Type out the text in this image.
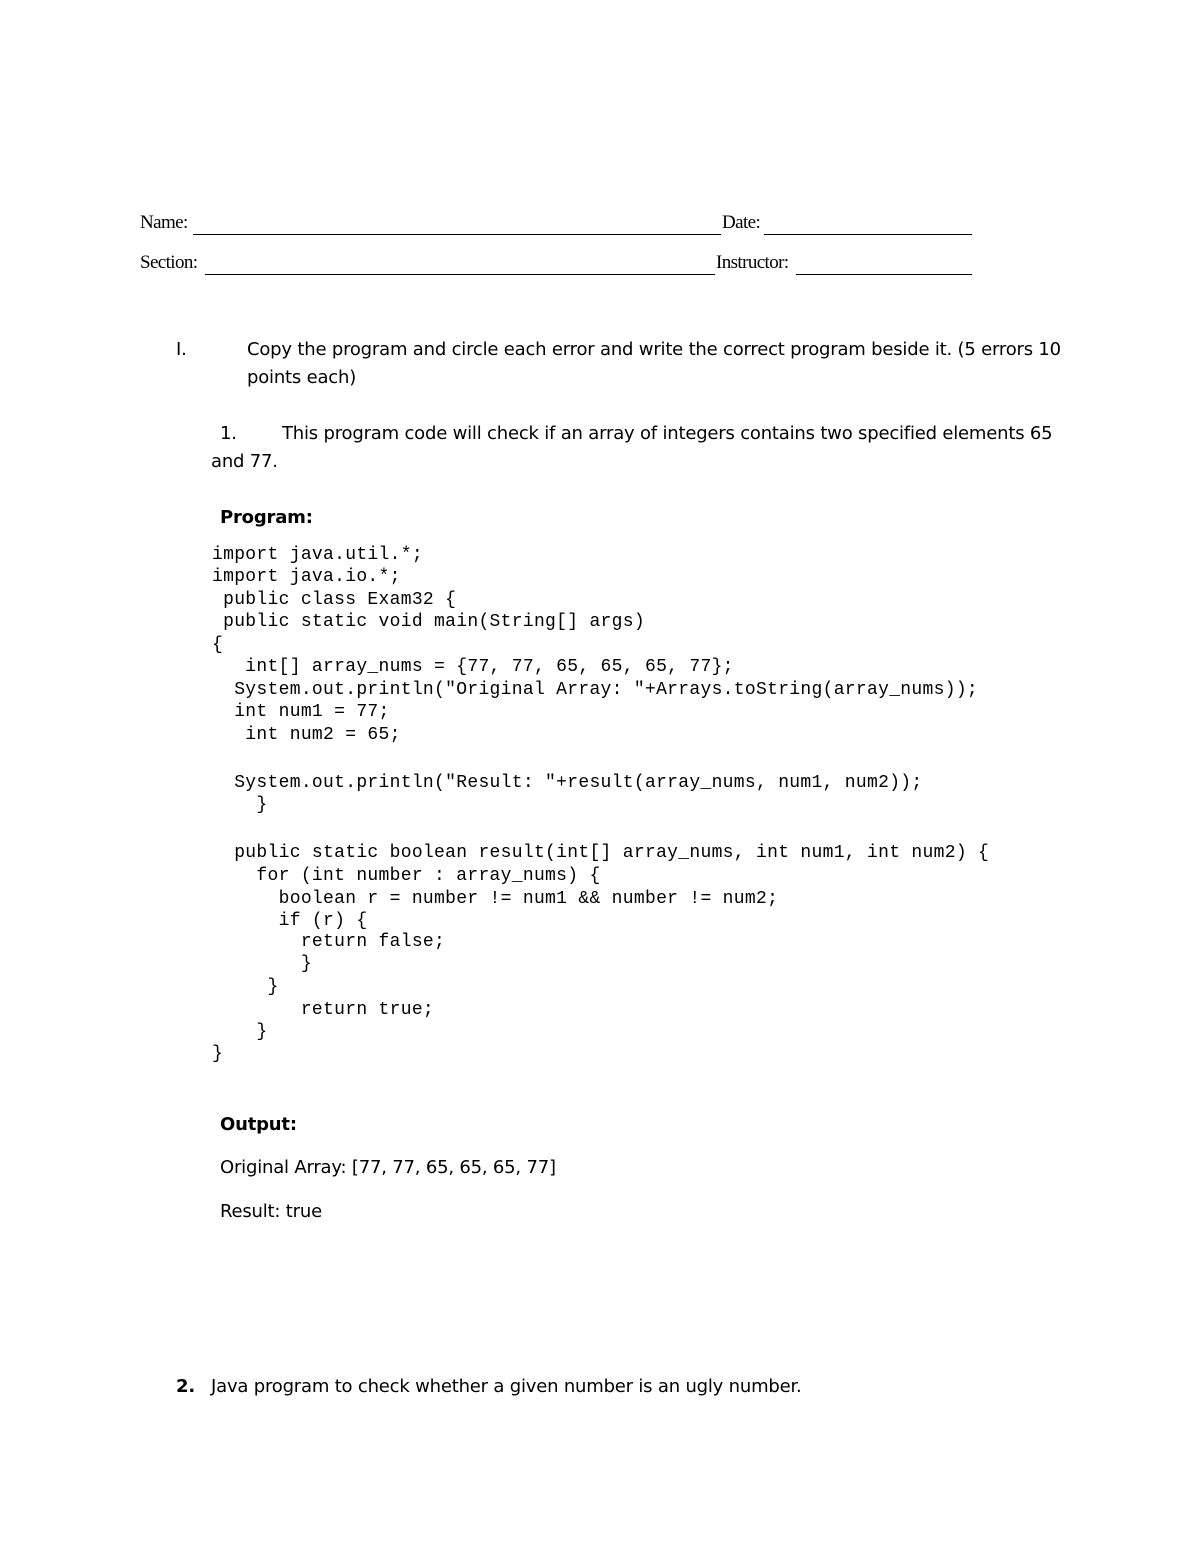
Name:	Date:
Section:	Instructor:
I.	Copy the program and circle each error and write the correct program beside it. (5 errors 10
points each)
1.	This program code will check if an array of integers contains two specified elements 65
and 77.
Program:
import java.util.*;
import java.io.*;
public class Exam32 {
public static void main(String[] args)
{
int[] array_nums = {77, 77, 65, 65, 65, 77};
System.out.println("Original Array: "+Arrays.toString(array_nums));
int num1 = 77;
int num2 = 65;
System.out.println("Result: "+result(array_nums, num1, num2));
}
public static boolean result(int[] array_nums, int num1, int num2) {
for (int number : array_nums) {
boolean r = number != num1 && number != num2;
if (r) {
return false;
}
}
return true;
}
}
Output:
Original Array: [77, 77, 65, 65, 65, 77]
Result: true
2. Java program to check whether a given number is an ugly number.
